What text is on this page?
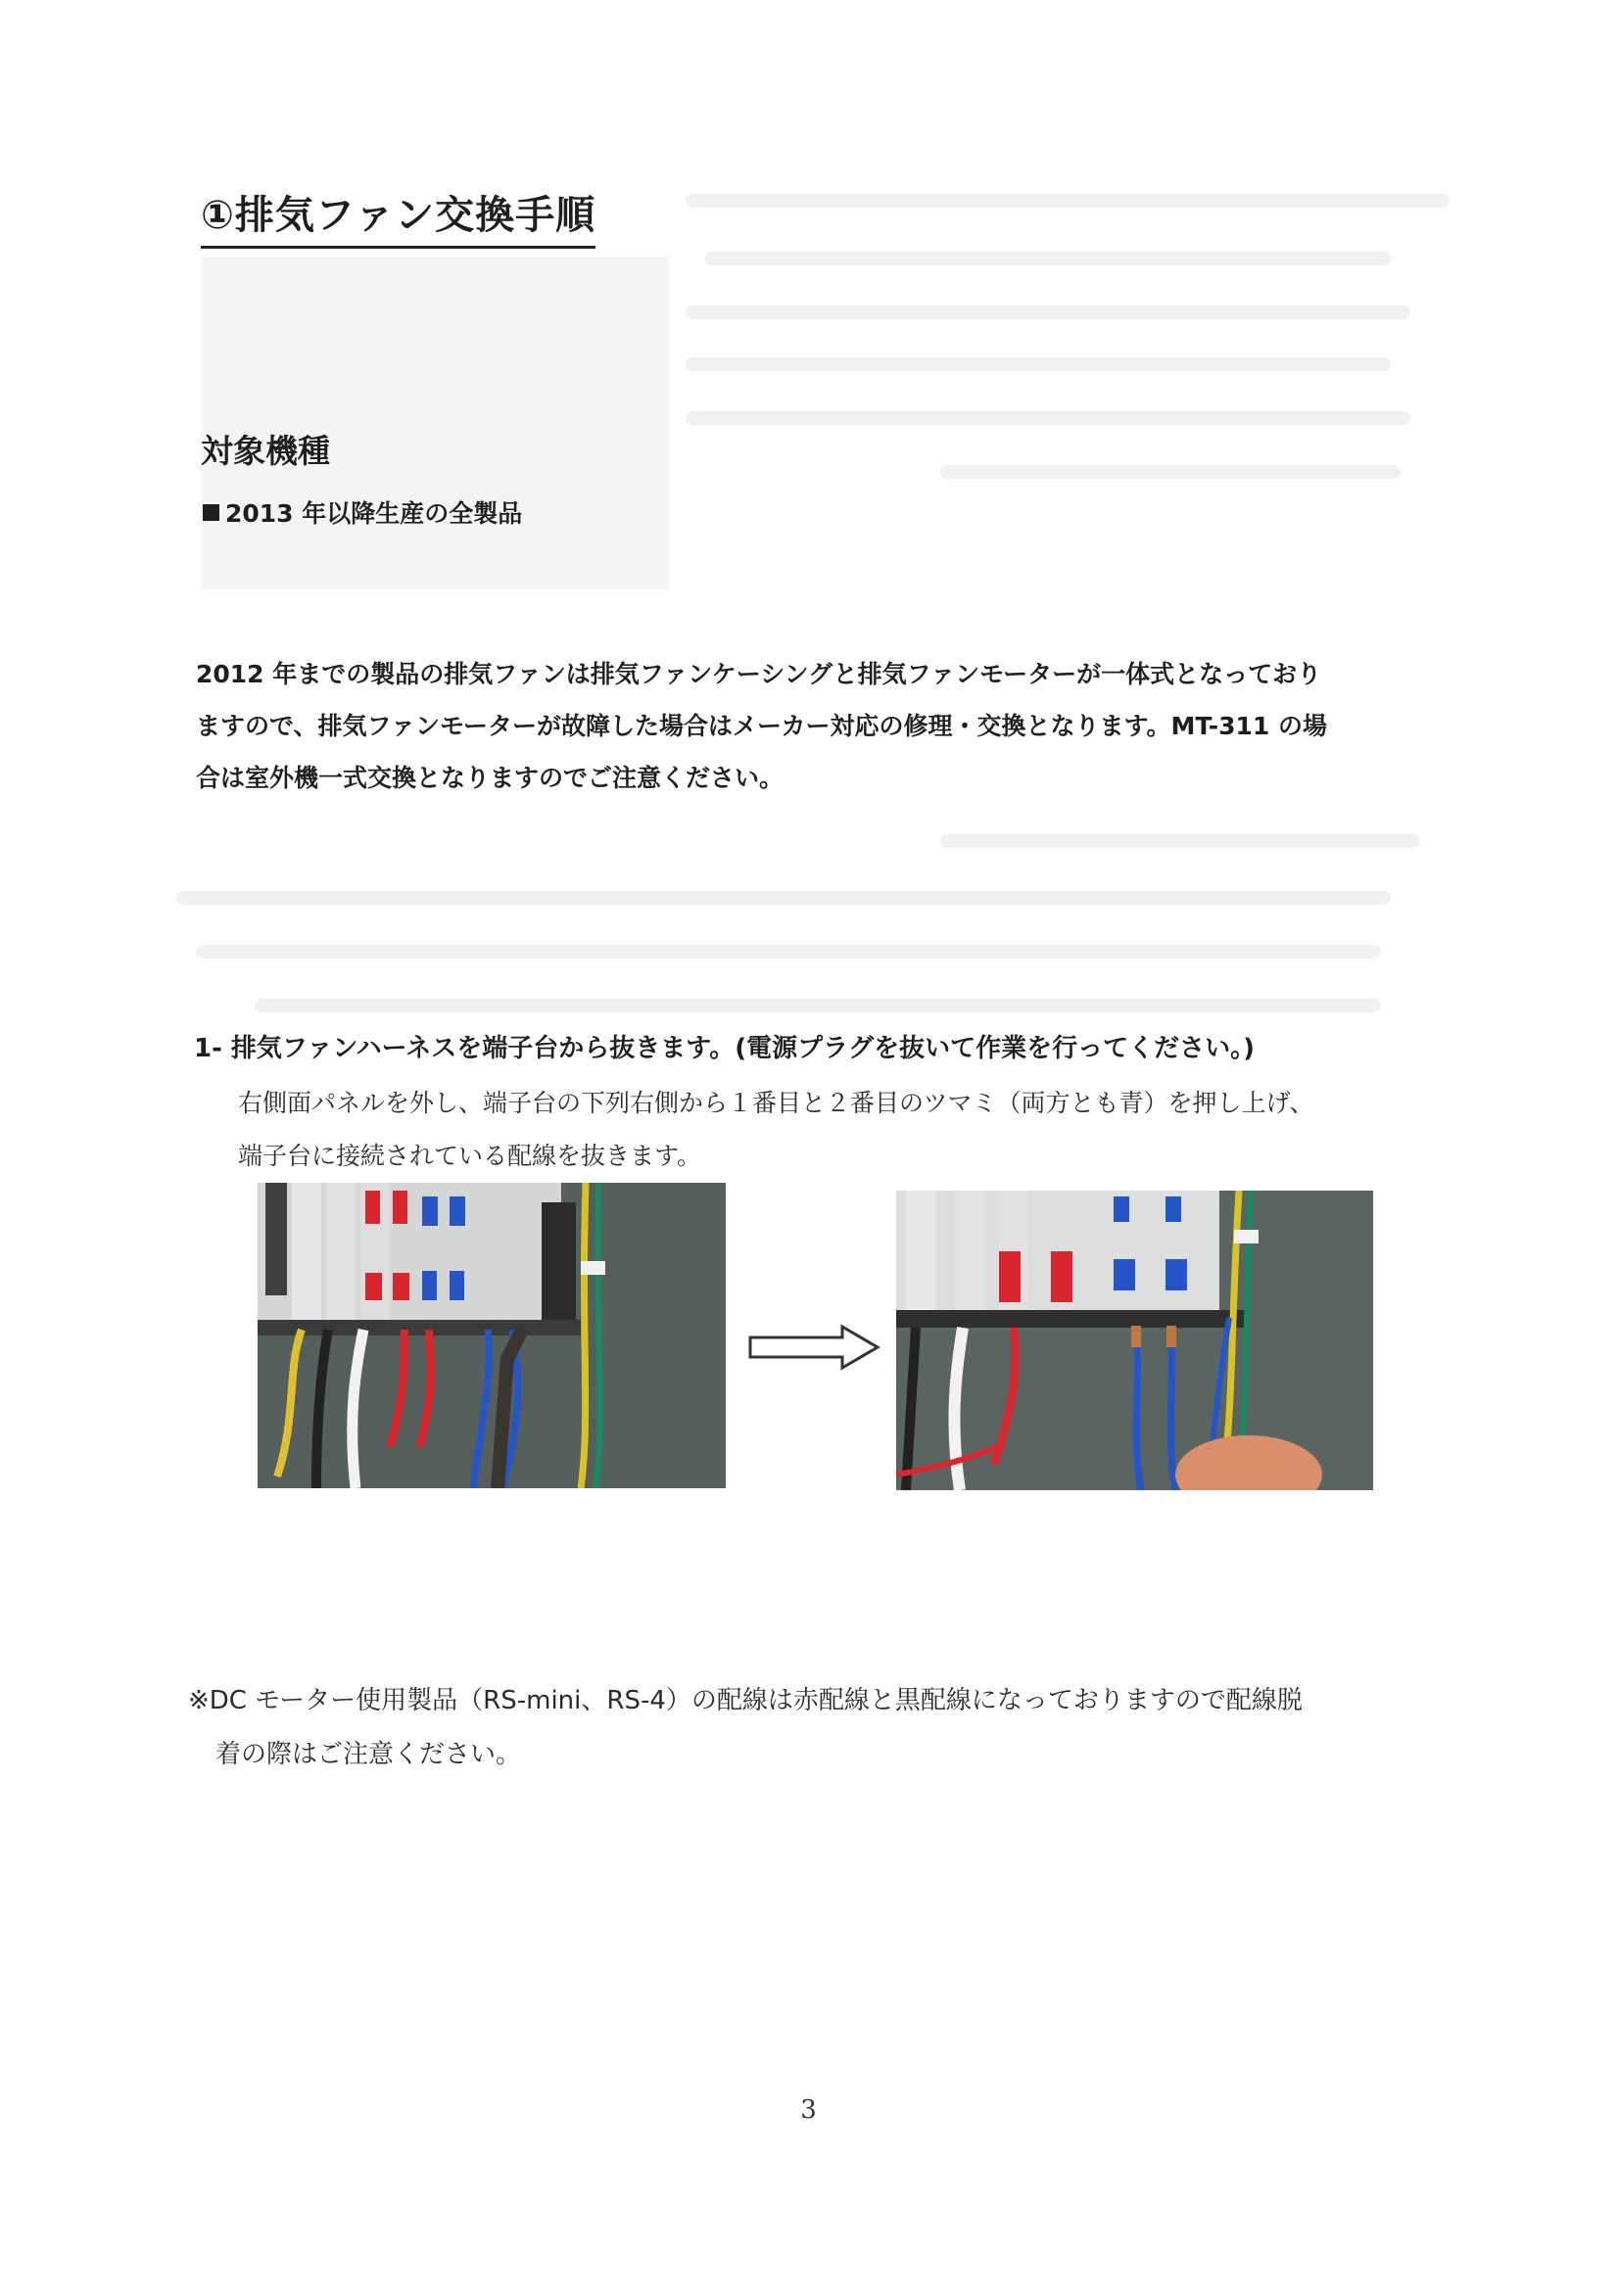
①排気ファン交換手順
対象機種
2013 年以降生産の全製品
2012 年までの製品の排気ファンは排気ファンケーシングと排気ファンモーターが一体式となっており
ますので、排気ファンモーターが故障した場合はメーカー対応の修理・交換となります。MT-311 の場
合は室外機一式交換となりますのでご注意ください。
1- 排気ファンハーネスを端子台から抜きます。(電源プラグを抜いて作業を行ってください。)
右側面パネルを外し、端子台の下列右側から１番目と２番目のツマミ（両方とも青）を押し上げ、
端子台に接続されている配線を抜きます。
※DC モーター使用製品（RS-mini、RS-4）の配線は赤配線と黒配線になっておりますので配線脱
着の際はご注意ください。
3
